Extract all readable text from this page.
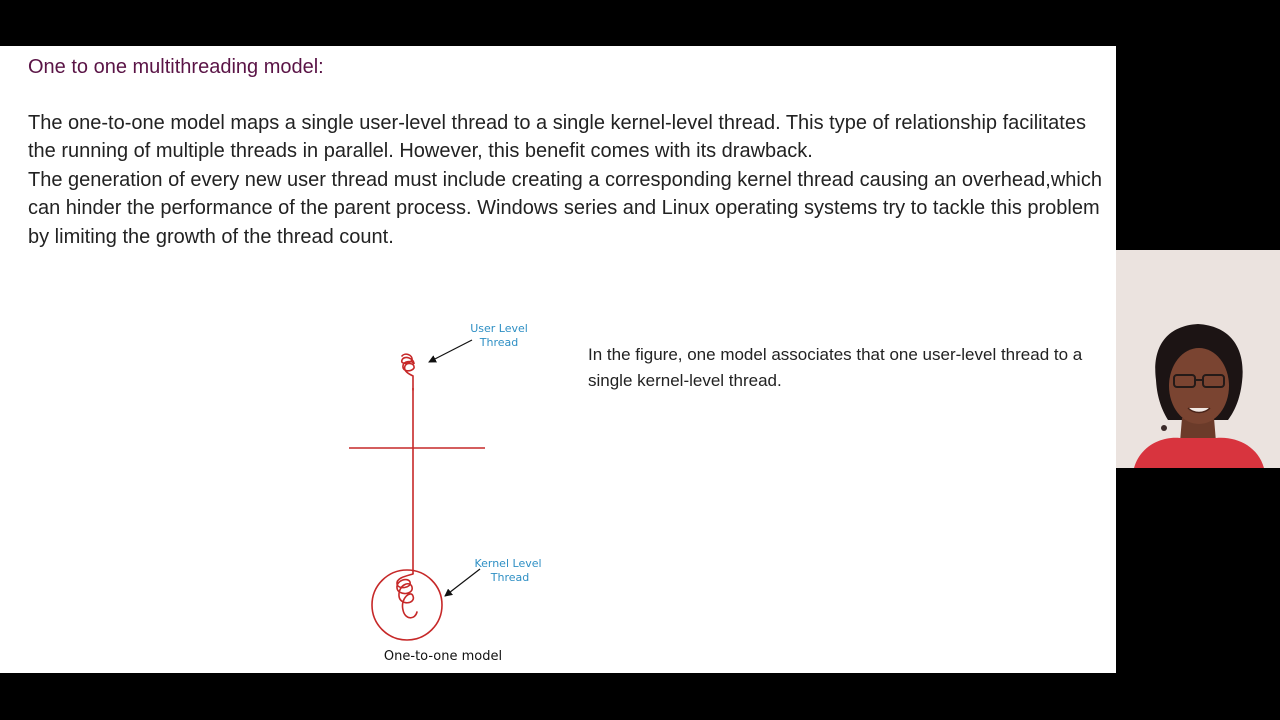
One to one multithreading model:

The one-to-one model maps a single user-level thread to a single kernel-level thread. This type of relationship facilitates the running of multiple threads in parallel. However, this benefit comes with its drawback.

The generation of every new user thread must include creating a corresponding kernel thread causing an overhead,which can hinder the performance of the parent process. Windows series and Linux operating systems try to tackle this problem by limiting the growth of the thread count.

User Level
Thread
Kernel Level
Thread
One-to-one model
In the figure, one model associates that one user-level thread to a single kernel-level thread.
